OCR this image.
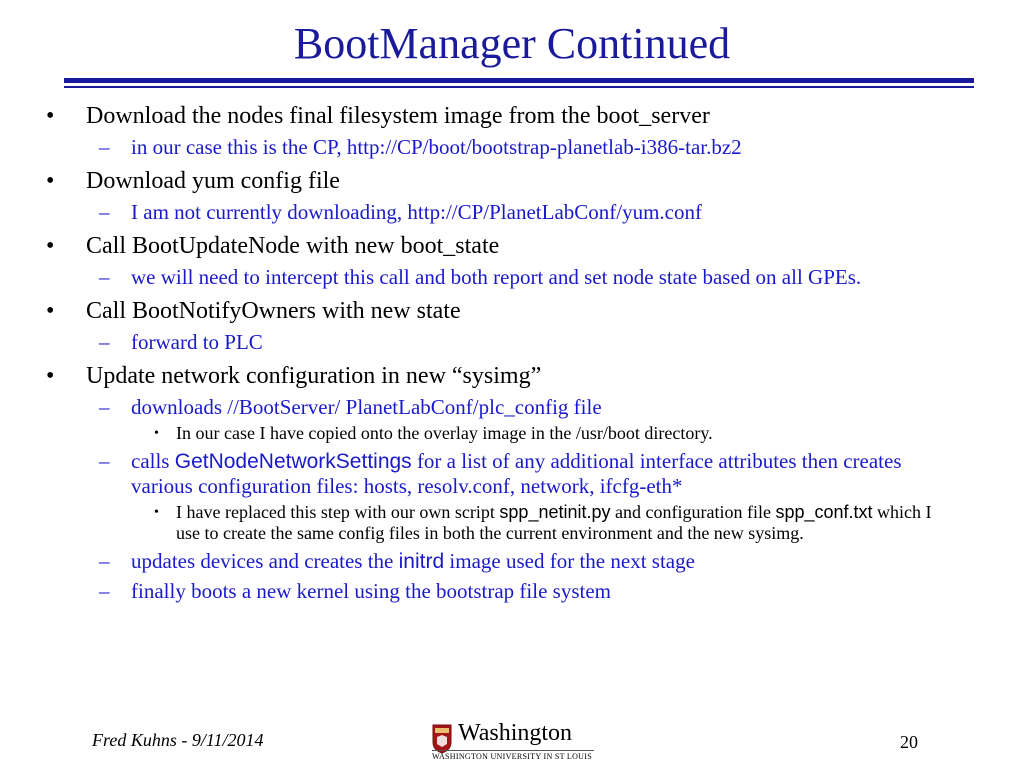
BootManager Continued
• Download the nodes final filesystem image from the boot_server
– in our case this is the CP, http://CP/boot/bootstrap-planetlab-i386-tar.bz2
• Download yum config file
– I am not currently downloading, http://CP/PlanetLabConf/yum.conf
• Call BootUpdateNode with new boot_state
– we will need to intercept this call and both report and set node state based on all GPEs.
• Call BootNotifyOwners with new state
– forward to PLC
• Update network configuration in new “sysimg”
– downloads //BootServer/ PlanetLabConf/plc_config file
• In our case I have copied onto the overlay image in the /usr/boot directory.
– calls GetNodeNetworkSettings for a list of any additional interface attributes then creates various configuration files: hosts, resolv.conf, network, ifcfg-eth*
• I have replaced this step with our own script spp_netinit.py and configuration file spp_conf.txt which I use to create the same config files in both the current environment and the new sysimg.
– updates devices and creates the initrd image used for the next stage
– finally boots a new kernel using the bootstrap file system
Fred Kuhns - 9/11/2014	Washington
WASHINGTON UNIVERSITY IN ST LOUIS
20
